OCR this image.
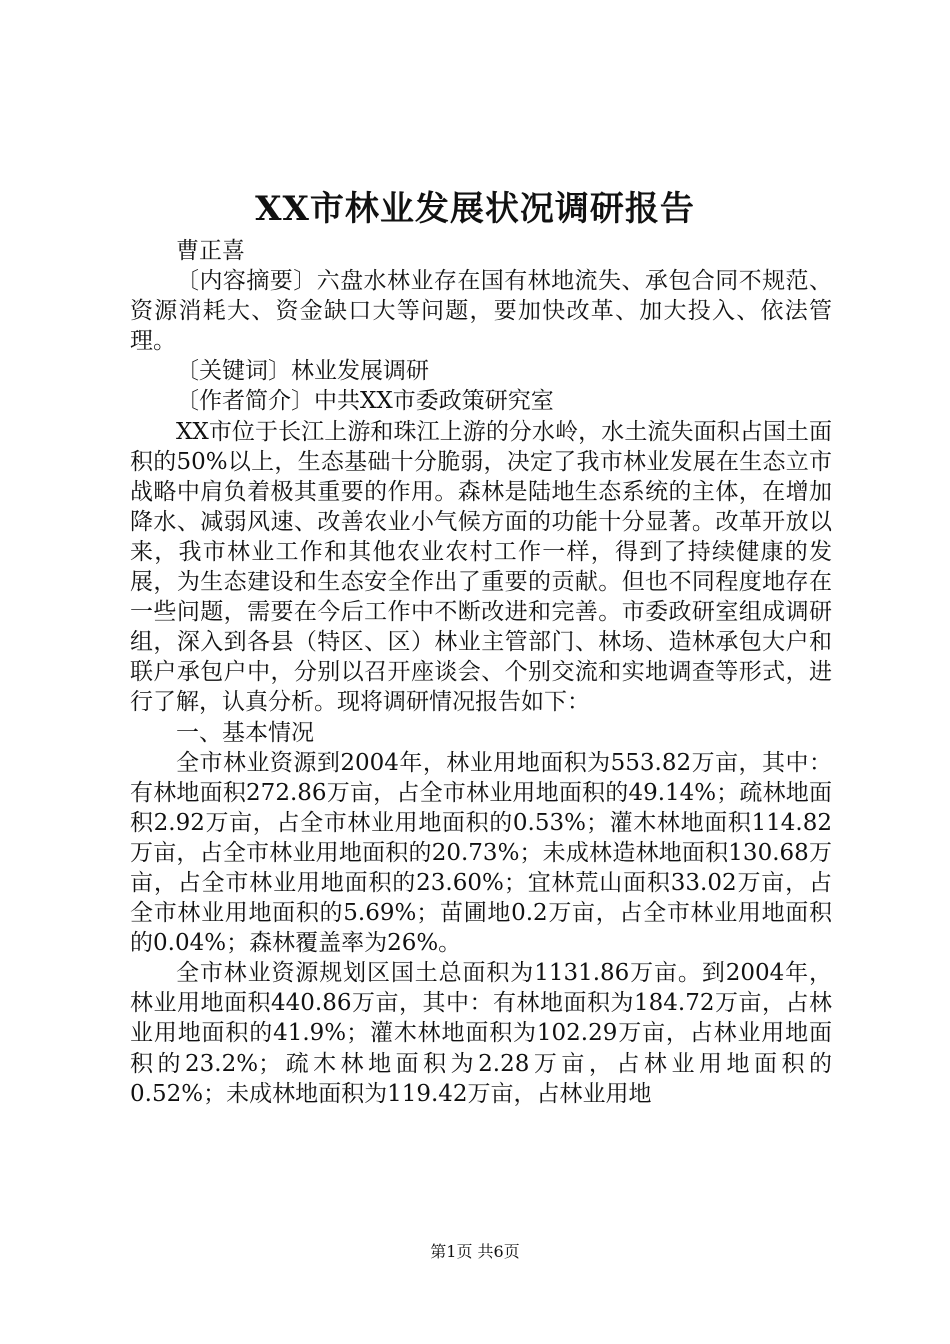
XX市林业发展状况调研报告

曹正喜

〔内容摘要〕六盘水林业存在国有林地流失、承包合同不规范、资源消耗大、资金缺口大等问题，要加快改革、加大投入、依法管理。

〔关键词〕林业发展调研

〔作者简介〕中共XX市委政策研究室

XX市位于长江上游和珠江上游的分水岭，水土流失面积占国土面积的50%以上，生态基础十分脆弱，决定了我市林业发展在生态立市战略中肩负着极其重要的作用。森林是陆地生态系统的主体，在增加降水、减弱风速、改善农业小气候方面的功能十分显著。改革开放以来，我市林业工作和其他农业农村工作一样，得到了持续健康的发展，为生态建设和生态安全作出了重要的贡献。但也不同程度地存在一些问题，需要在今后工作中不断改进和完善。市委政研室组成调研组，深入到各县（特区、区）林业主管部门、林场、造林承包大户和联户承包户中，分别以召开座谈会、个别交流和实地调查等形式，进行了解，认真分析。现将调研情况报告如下：

一、基本情况

全市林业资源到2004年，林业用地面积为553.82万亩，其中：有林地面积272.86万亩，占全市林业用地面积的49.14%；疏林地面积2.92万亩，占全市林业用地面积的0.53%；灌木林地面积114.82万亩，占全市林业用地面积的20.73%；未成林造林地面积130.68万亩，占全市林业用地面积的23.60%；宜林荒山面积33.02万亩，占全市林业用地面积的5.69%；苗圃地0.2万亩，占全市林业用地面积的0.04%；森林覆盖率为26%。

全市林业资源规划区国土总面积为1131.86万亩。到2004年，林业用地面积440.86万亩，其中：有林地面积为184.72万亩，占林业用地面积的41.9%；灌木林地面积为102.29万亩，占林业用地面积的23.2%；疏木林地面积为2.28万亩，占林业用地面积的0.52%；未成林地面积为119.42万亩，占林业用地

第1页 共6页
